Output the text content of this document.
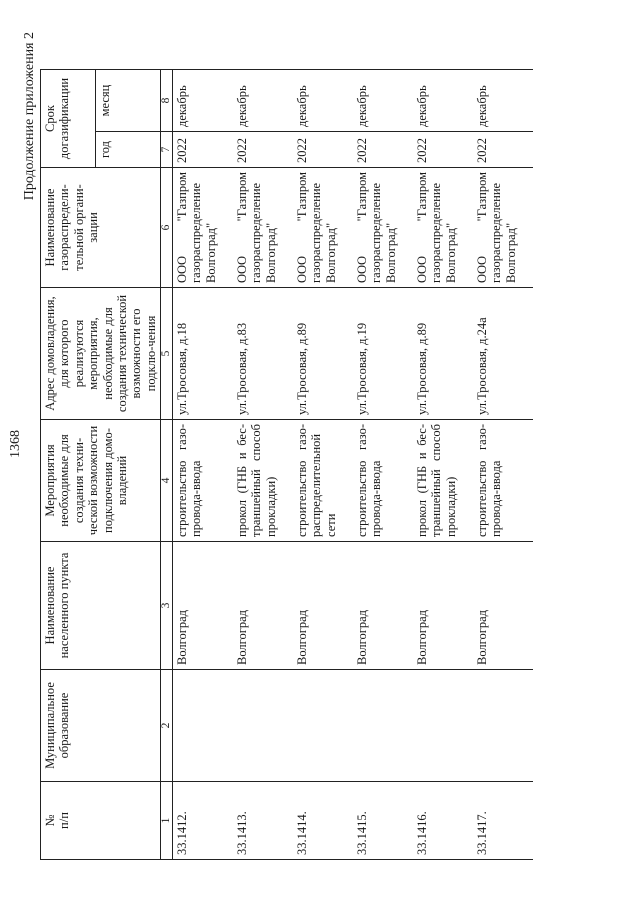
1368
Продолжение приложения 2
№
п/п	Муниципальное образование	Наименование населенного пункта	Мероприятия необходимые для создания техни-ческой возможности подключения домо-владений	Адрес домовладения, для которого реализуются мероприятия, необходимые для создания технической возможности его подклю-чения	Наименование газораспредели-тельной органи-зации	Срок догазификации	
						год	месяц
1	2	3	4	5	6	7	8
33.1412.		Волгоград	строительство газо-провода-ввода	ул.Тросовая, д.18	ООО "Газпром газораспределение Волгоград"	2022	декабрь
33.1413.		Волгоград	прокол (ГНБ и бес-траншейный способ прокладки)	ул.Тросовая, д.83	ООО "Газпром газораспределение Волгоград"	2022	декабрь
33.1414.		Волгоград	строительство газо-распределительной сети	ул.Тросовая, д.89	ООО "Газпром газораспределение Волгоград"	2022	декабрь
33.1415.		Волгоград	строительство газо-провода-ввода	ул.Тросовая, д.19	ООО "Газпром газораспределение Волгоград"	2022	декабрь
33.1416.		Волгоград	прокол (ГНБ и бес-траншейный способ прокладки)	ул.Тросовая, д.89	ООО "Газпром газораспределение Волгоград"	2022	декабрь
33.1417.		Волгоград	строительство газо-провода-ввода	ул.Тросовая, д.24а	ООО "Газпром газораспределение Волгоград"	2022	декабрь
